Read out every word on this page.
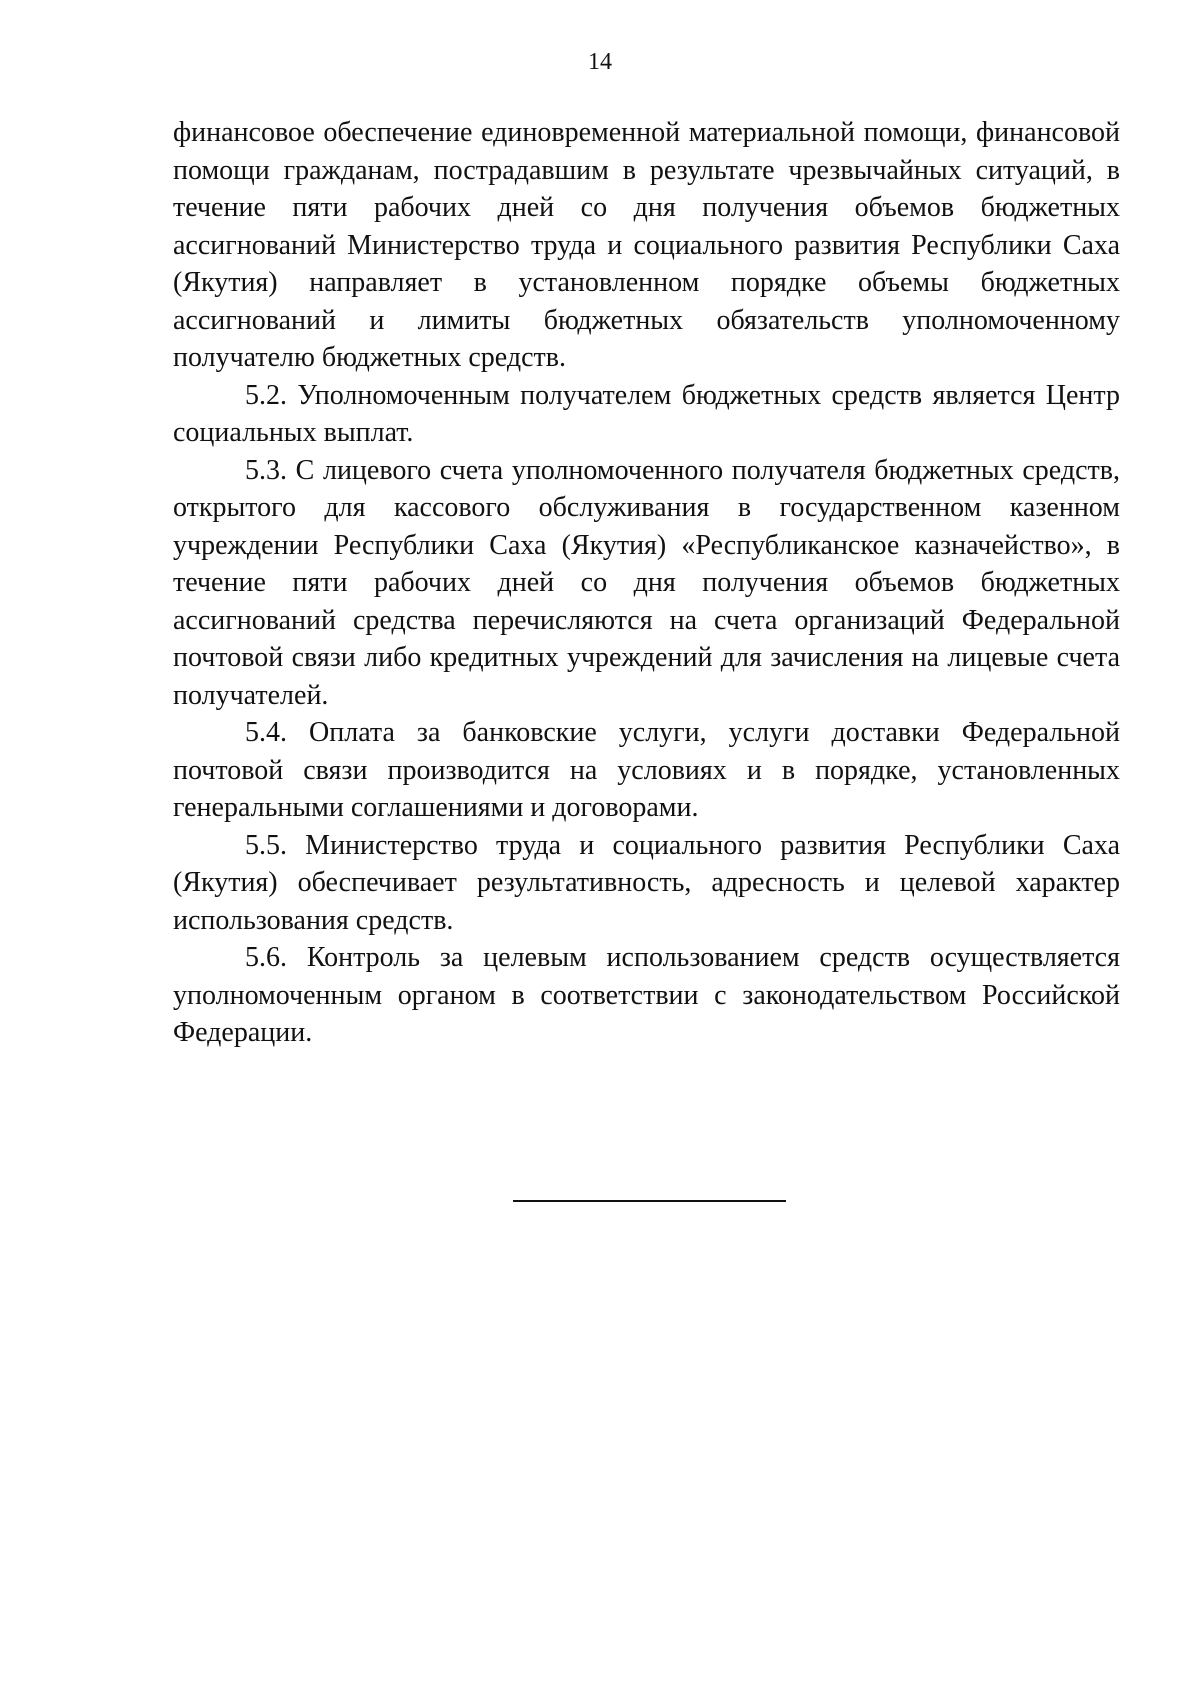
14

финансовое обеспечение единовременной материальной помощи, финансовой помощи гражданам, пострадавшим в результате чрезвычайных ситуаций, в течение пяти рабочих дней со дня получения объемов бюджетных ассигнований Министерство труда и социального развития Республики Саха (Якутия) направляет в установленном порядке объемы бюджетных ассигнований и лимиты бюджетных обязательств уполномоченному получателю бюджетных средств.

5.2. Уполномоченным получателем бюджетных средств является Центр социальных выплат.

5.3. С лицевого счета уполномоченного получателя бюджетных средств, открытого для кассового обслуживания в государственном казенном учреждении Республики Саха (Якутия) «Республиканское казначейство», в течение пяти рабочих дней со дня получения объемов бюджетных ассигнований средства перечисляются на счета организаций Федеральной почтовой связи либо кредитных учреждений для зачисления на лицевые счета получателей.

5.4. Оплата за банковские услуги, услуги доставки Федеральной почтовой связи производится на условиях и в порядке, установленных генеральными соглашениями и договорами.

5.5. Министерство труда и социального развития Республики Саха (Якутия) обеспечивает результативность, адресность и целевой характер использования средств.

5.6. Контроль за целевым использованием средств осуществляется уполномоченным органом в соответствии с законодательством Российской Федерации.
